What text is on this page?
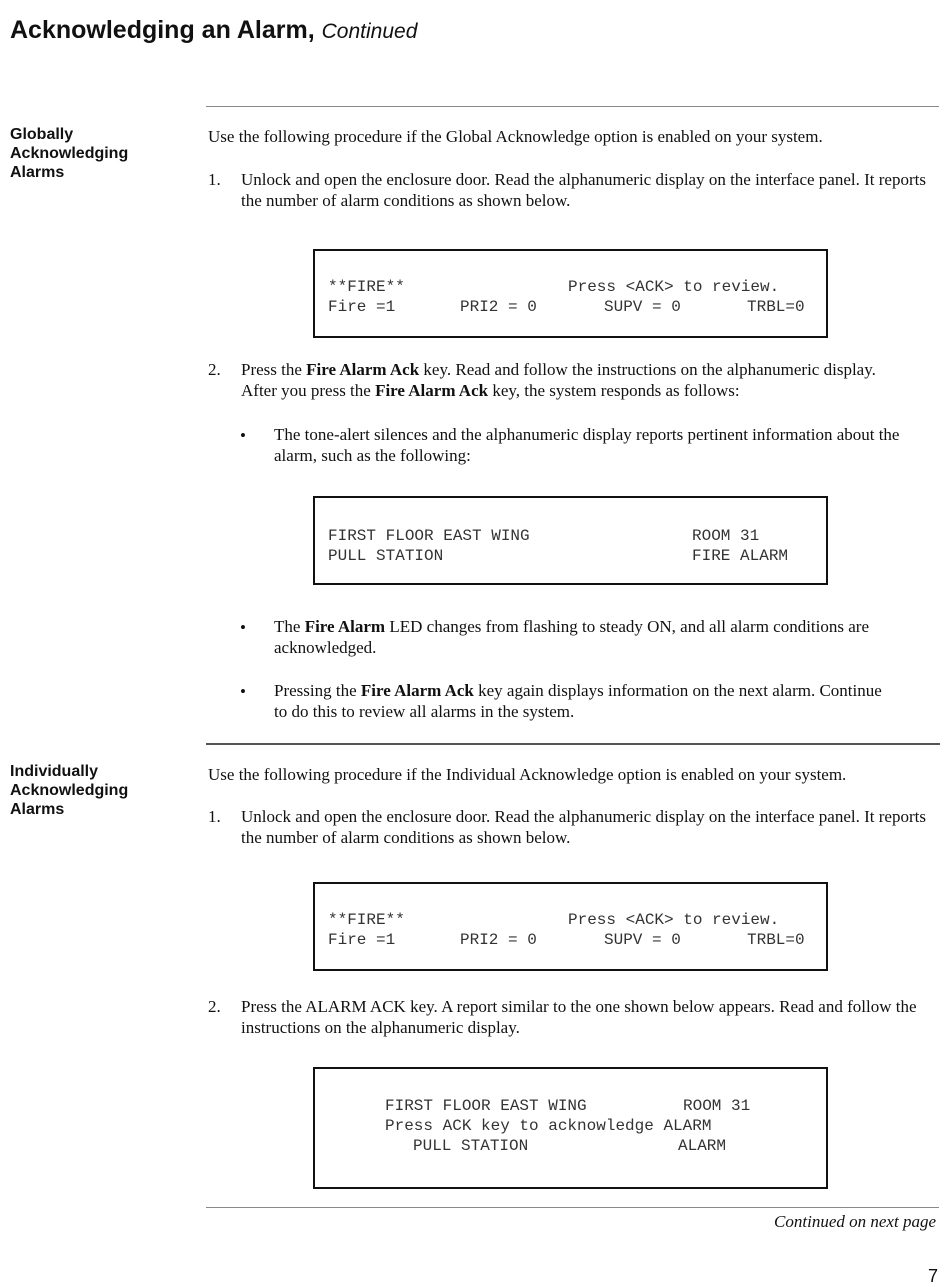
Acknowledging an Alarm, Continued
Globally Acknowledging Alarms

Use the following procedure if the Global Acknowledge option is enabled on your system.

1. Unlock and open the enclosure door. Read the alphanumeric display on the interface panel. It reports the number of alarm conditions as shown below.

**FIRE**	Press <ACK> to review.
Fire =1	PRI2 = 0	SUPV = 0	TRBL=0

2. Press the Fire Alarm Ack key. Read and follow the instructions on the alphanumeric display. After you press the Fire Alarm Ack key, the system responds as follows:

• The tone-alert silences and the alphanumeric display reports pertinent information about the alarm, such as the following:

FIRST FLOOR EAST WING	ROOM 31
PULL STATION	FIRE ALARM

• The Fire Alarm LED changes from flashing to steady ON, and all alarm conditions are acknowledged.

• Pressing the Fire Alarm Ack key again displays information on the next alarm. Continue to do this to review all alarms in the system.

Individually Acknowledging Alarms

Use the following procedure if the Individual Acknowledge option is enabled on your system.

1. Unlock and open the enclosure door. Read the alphanumeric display on the interface panel. It reports the number of alarm conditions as shown below.

**FIRE**	Press <ACK> to review.
Fire =1	PRI2 = 0	SUPV = 0	TRBL=0

2. Press the ALARM ACK key. A report similar to the one shown below appears. Read and follow the instructions on the alphanumeric display.

FIRST FLOOR EAST WING	ROOM 31
Press ACK key to acknowledge ALARM
PULL STATION	ALARM

Continued on next page

7
